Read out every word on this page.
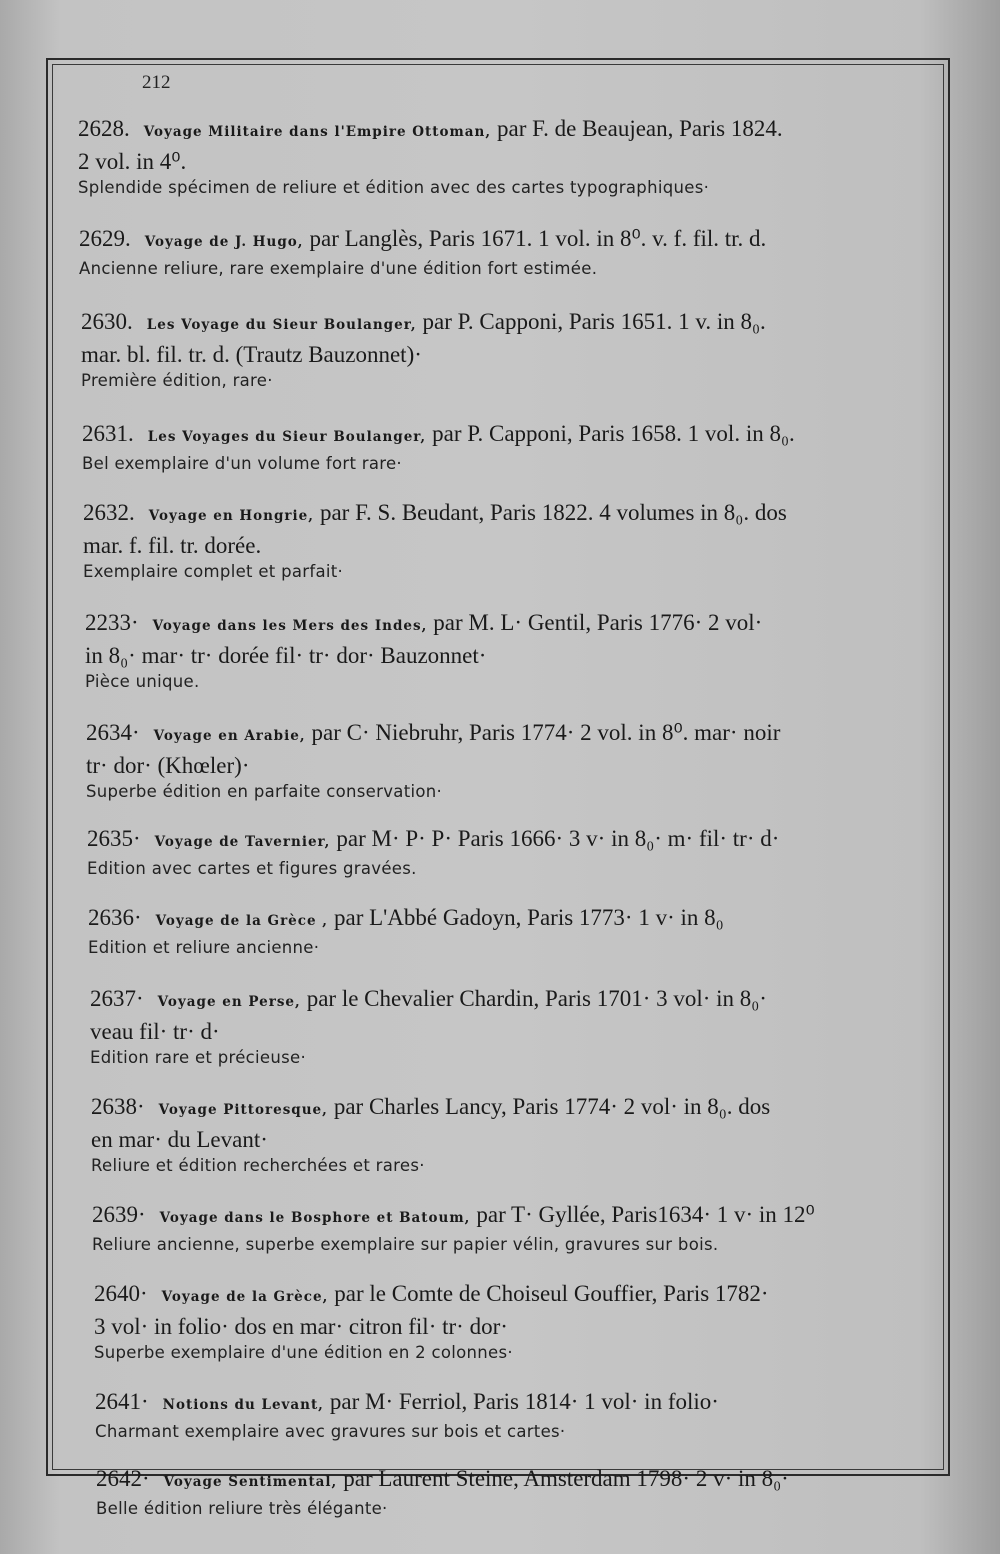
212
2628. Voyage Militaire dans l'Empire Ottoman, par F. de Beaujean, Paris 1824.
2 vol. in 4⁰.
Splendide spécimen de reliure et édition avec des cartes typographiques·
2629. Voyage de J. Hugo, par Langlès, Paris 1671. 1 vol. in 8⁰. v. f. fil. tr. d.
Ancienne reliure, rare exemplaire d'une édition fort estimée.
2630. Les Voyage du Sieur Boulanger, par P. Capponi, Paris 1651. 1 v. in 8₀.
mar. bl. fil. tr. d. (Trautz Bauzonnet)·
Première édition, rare·
2631. Les Voyages du Sieur Boulanger, par P. Capponi, Paris 1658. 1 vol. in 8₀.
Bel exemplaire d'un volume fort rare·
2632. Voyage en Hongrie, par F. S. Beudant, Paris 1822. 4 volumes in 8₀. dos
mar. f. fil. tr. dorée.
Exemplaire complet et parfait·
2233· Voyage dans les Mers des Indes, par M. L· Gentil, Paris 1776· 2 vol·
in 8₀· mar· tr· dorée fil· tr· dor· Bauzonnet·
Pièce unique.
2634· Voyage en Arabie, par C· Niebruhr, Paris 1774· 2 vol. in 8⁰. mar· noir
tr· dor· (Khœler)·
Superbe édition en parfaite conservation·
2635· Voyage de Tavernier, par M· P· P· Paris 1666· 3 v· in 8₀· m· fil· tr· d·
Edition avec cartes et figures gravées.
2636· Voyage de la Grèce , par L'Abbé Gadoyn, Paris 1773· 1 v· in 8₀
Edition et reliure ancienne·
2637· Voyage en Perse, par le Chevalier Chardin, Paris 1701· 3 vol· in 8₀·
veau fil· tr· d·
Edition rare et précieuse·
2638· Voyage Pittoresque, par Charles Lancy, Paris 1774· 2 vol· in 8₀. dos
en mar· du Levant·
Reliure et édition recherchées et rares·
2639· Voyage dans le Bosphore et Batoum, par T· Gyllée, Paris1634· 1 v· in 12⁰
Reliure ancienne, superbe exemplaire sur papier vélin, gravures sur bois.
2640· Voyage de la Grèce, par le Comte de Choiseul Gouffier, Paris 1782·
3 vol· in folio· dos en mar· citron fil· tr· dor·
Superbe exemplaire d'une édition en 2 colonnes·
2641· Notions du Levant, par M· Ferriol, Paris 1814· 1 vol· in folio·
Charmant exemplaire avec gravures sur bois et cartes·
2642· Voyage Sentimental, par Laurent Steine, Amsterdam 1798· 2 v· in 8₀·
Belle édition reliure très élégante·
